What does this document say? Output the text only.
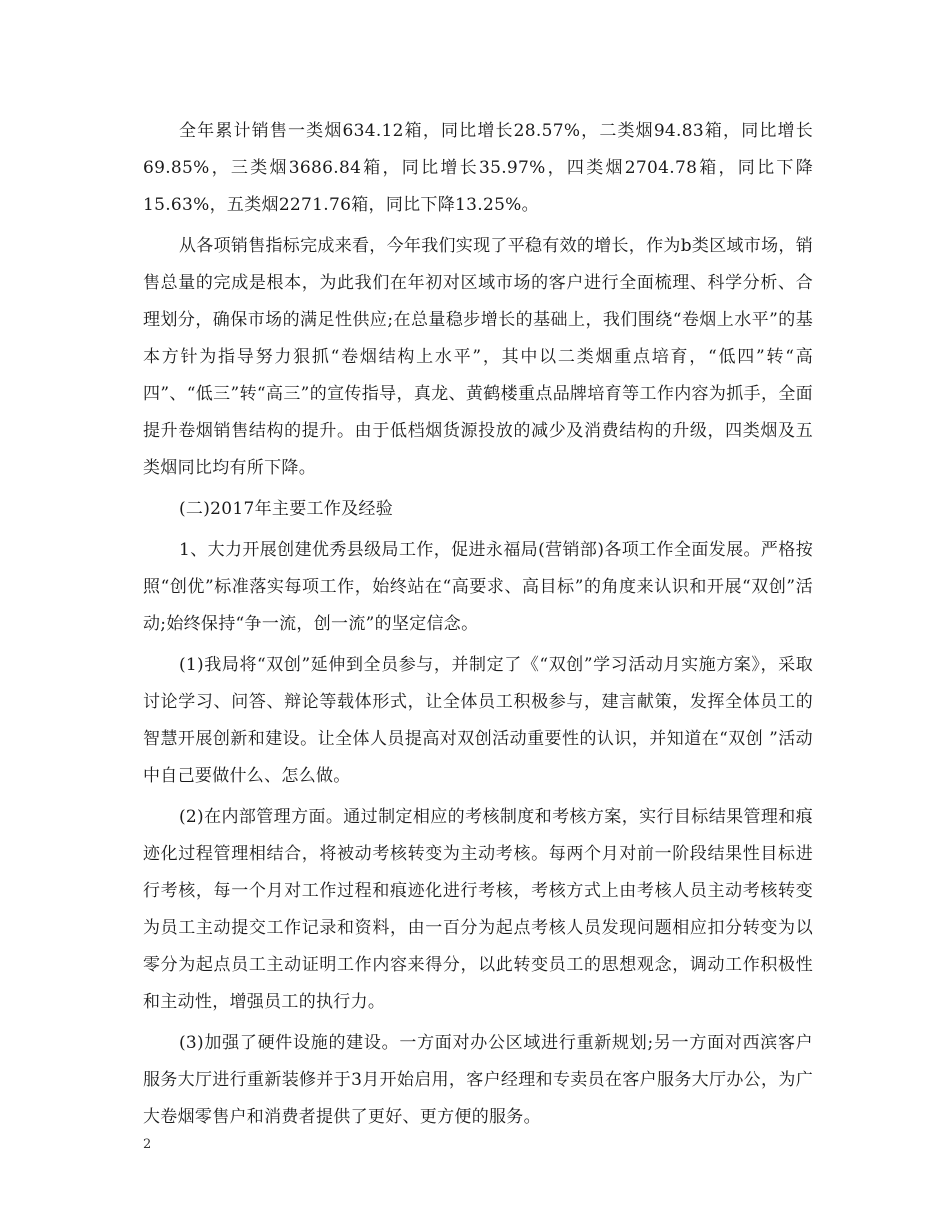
全年累计销售一类烟634.12箱，同比增长28.57%，二类烟94.83箱，同比增长69.85%，三类烟3686.84箱，同比增长35.97%，四类烟2704.78箱，同比下降15.63%，五类烟2271.76箱，同比下降13.25%。

从各项销售指标完成来看，今年我们实现了平稳有效的增长，作为b类区域市场，销售总量的完成是根本，为此我们在年初对区域市场的客户进行全面梳理、科学分析、合理划分，确保市场的满足性供应;在总量稳步增长的基础上，我们围绕“卷烟上水平”的基本方针为指导努力狠抓“卷烟结构上水平”，其中以二类烟重点培育，“低四”转“高四”、“低三”转“高三”的宣传指导，真龙、黄鹤楼重点品牌培育等工作内容为抓手，全面提升卷烟销售结构的提升。由于低档烟货源投放的减少及消费结构的升级，四类烟及五类烟同比均有所下降。

(二)2017年主要工作及经验

1、大力开展创建优秀县级局工作，促进永福局(营销部)各项工作全面发展。严格按照“创优”标准落实每项工作，始终站在“高要求、高目标”的角度来认识和开展“双创”活动;始终保持“争一流，创一流”的坚定信念。

(1)我局将“双创”延伸到全员参与，并制定了《“双创”学习活动月实施方案》，采取讨论学习、问答、辩论等载体形式，让全体员工积极参与，建言献策，发挥全体员工的智慧开展创新和建设。让全体人员提高对双创活动重要性的认识，并知道在“双创 ”活动中自己要做什么、怎么做。

(2)在内部管理方面。通过制定相应的考核制度和考核方案，实行目标结果管理和痕迹化过程管理相结合，将被动考核转变为主动考核。每两个月对前一阶段结果性目标进行考核，每一个月对工作过程和痕迹化进行考核，考核方式上由考核人员主动考核转变为员工主动提交工作记录和资料，由一百分为起点考核人员发现问题相应扣分转变为以零分为起点员工主动证明工作内容来得分，以此转变员工的思想观念，调动工作积极性和主动性，增强员工的执行力。

(3)加强了硬件设施的建设。一方面对办公区域进行重新规划;另一方面对西滨客户服务大厅进行重新装修并于3月开始启用，客户经理和专卖员在客户服务大厅办公，为广大卷烟零售户和消费者提供了更好、更方便的服务。

2
